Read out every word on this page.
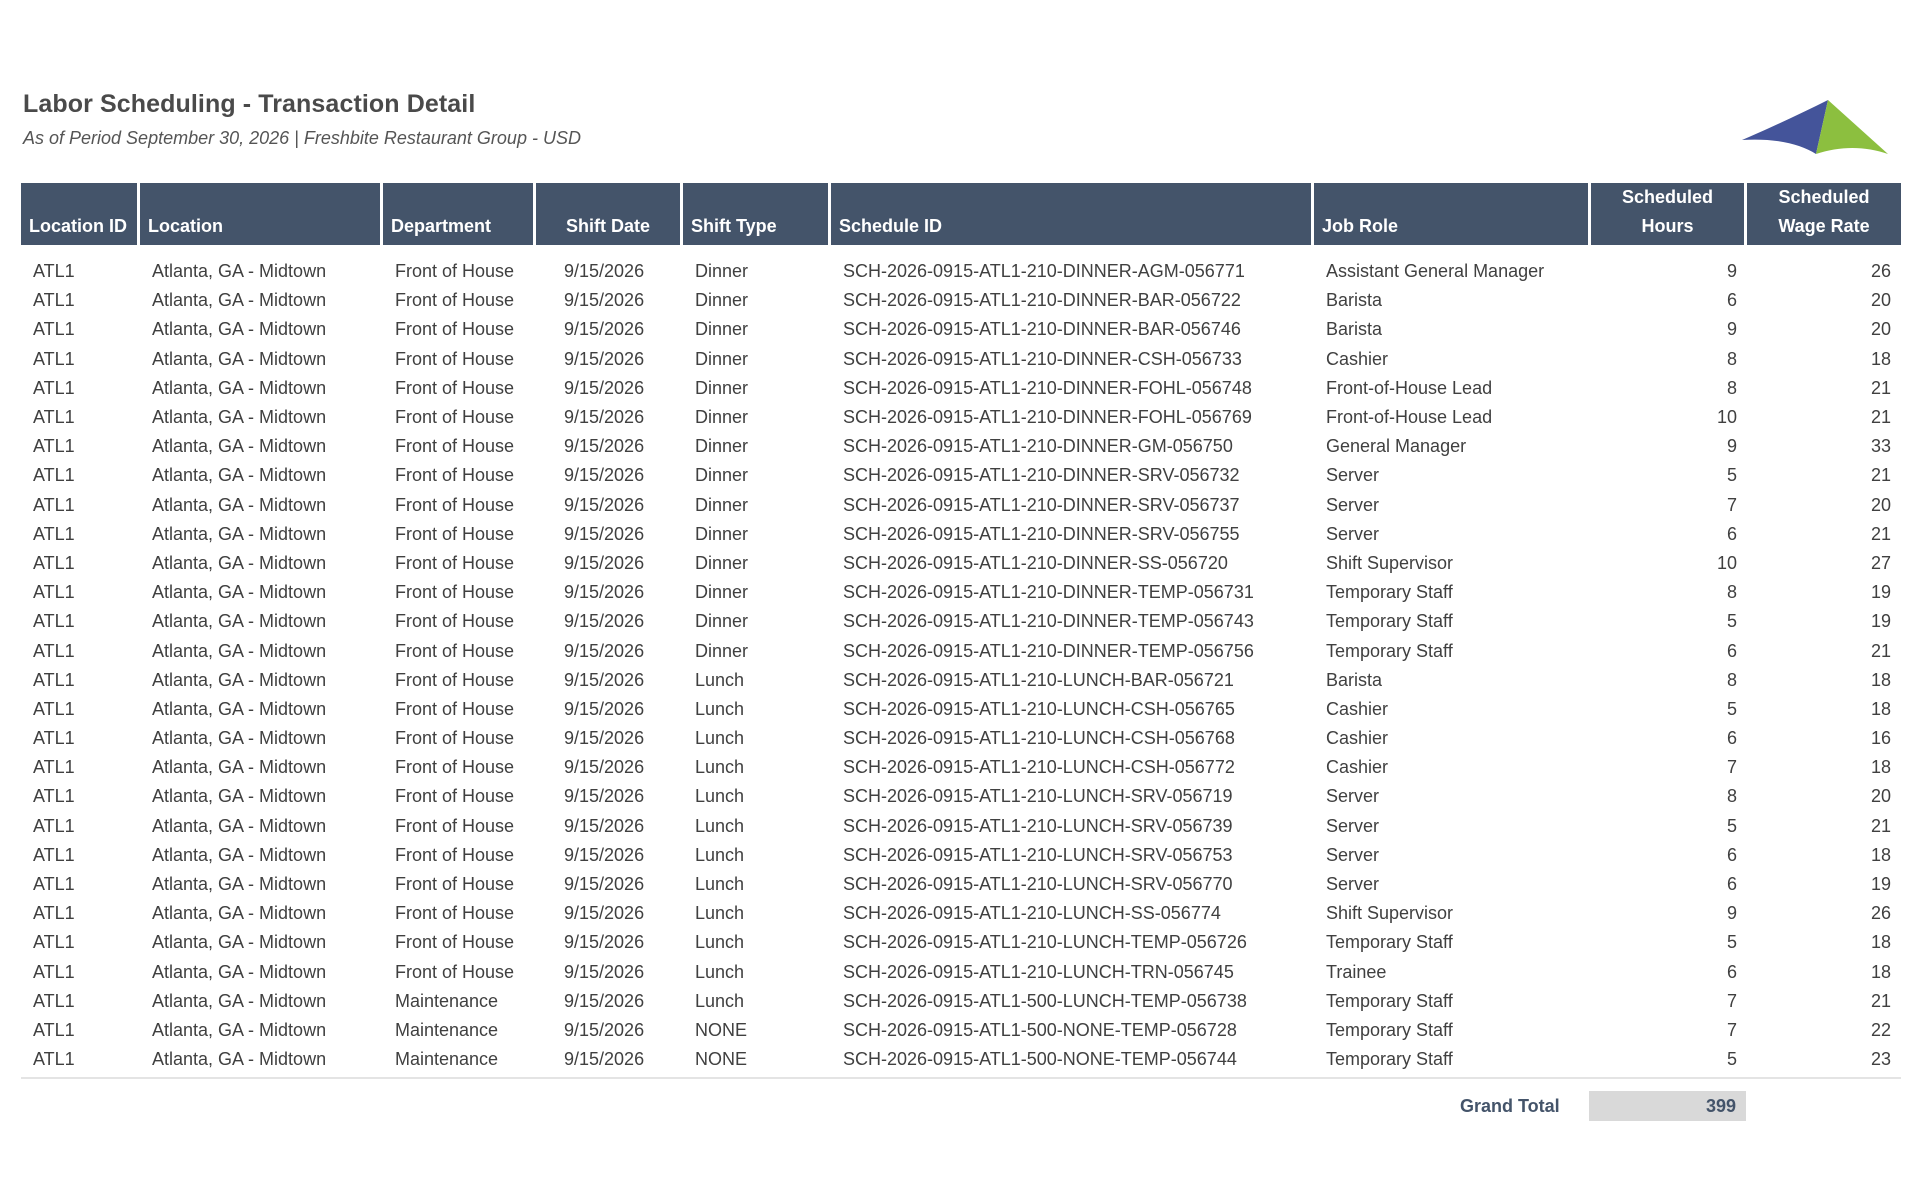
Labor Scheduling - Transaction Detail
As of Period September 30, 2026 | Freshbite Restaurant Group - USD
Location ID	Location	Department	Shift Date	Shift Type	Schedule ID	Job Role	Scheduled Hours	Scheduled Wage Rate

ATL1	Atlanta, GA - Midtown	Front of House	9/15/2026	Dinner	SCH-2026-0915-ATL1-210-DINNER-AGM-056771	Assistant General Manager	9	26
ATL1	Atlanta, GA - Midtown	Front of House	9/15/2026	Dinner	SCH-2026-0915-ATL1-210-DINNER-BAR-056722	Barista	6	20
ATL1	Atlanta, GA - Midtown	Front of House	9/15/2026	Dinner	SCH-2026-0915-ATL1-210-DINNER-BAR-056746	Barista	9	20
ATL1	Atlanta, GA - Midtown	Front of House	9/15/2026	Dinner	SCH-2026-0915-ATL1-210-DINNER-CSH-056733	Cashier	8	18
ATL1	Atlanta, GA - Midtown	Front of House	9/15/2026	Dinner	SCH-2026-0915-ATL1-210-DINNER-FOHL-056748	Front-of-House Lead	8	21
ATL1	Atlanta, GA - Midtown	Front of House	9/15/2026	Dinner	SCH-2026-0915-ATL1-210-DINNER-FOHL-056769	Front-of-House Lead	10	21
ATL1	Atlanta, GA - Midtown	Front of House	9/15/2026	Dinner	SCH-2026-0915-ATL1-210-DINNER-GM-056750	General Manager	9	33
ATL1	Atlanta, GA - Midtown	Front of House	9/15/2026	Dinner	SCH-2026-0915-ATL1-210-DINNER-SRV-056732	Server	5	21
ATL1	Atlanta, GA - Midtown	Front of House	9/15/2026	Dinner	SCH-2026-0915-ATL1-210-DINNER-SRV-056737	Server	7	20
ATL1	Atlanta, GA - Midtown	Front of House	9/15/2026	Dinner	SCH-2026-0915-ATL1-210-DINNER-SRV-056755	Server	6	21
ATL1	Atlanta, GA - Midtown	Front of House	9/15/2026	Dinner	SCH-2026-0915-ATL1-210-DINNER-SS-056720	Shift Supervisor	10	27
ATL1	Atlanta, GA - Midtown	Front of House	9/15/2026	Dinner	SCH-2026-0915-ATL1-210-DINNER-TEMP-056731	Temporary Staff	8	19
ATL1	Atlanta, GA - Midtown	Front of House	9/15/2026	Dinner	SCH-2026-0915-ATL1-210-DINNER-TEMP-056743	Temporary Staff	5	19
ATL1	Atlanta, GA - Midtown	Front of House	9/15/2026	Dinner	SCH-2026-0915-ATL1-210-DINNER-TEMP-056756	Temporary Staff	6	21
ATL1	Atlanta, GA - Midtown	Front of House	9/15/2026	Lunch	SCH-2026-0915-ATL1-210-LUNCH-BAR-056721	Barista	8	18
ATL1	Atlanta, GA - Midtown	Front of House	9/15/2026	Lunch	SCH-2026-0915-ATL1-210-LUNCH-CSH-056765	Cashier	5	18
ATL1	Atlanta, GA - Midtown	Front of House	9/15/2026	Lunch	SCH-2026-0915-ATL1-210-LUNCH-CSH-056768	Cashier	6	16
ATL1	Atlanta, GA - Midtown	Front of House	9/15/2026	Lunch	SCH-2026-0915-ATL1-210-LUNCH-CSH-056772	Cashier	7	18
ATL1	Atlanta, GA - Midtown	Front of House	9/15/2026	Lunch	SCH-2026-0915-ATL1-210-LUNCH-SRV-056719	Server	8	20
ATL1	Atlanta, GA - Midtown	Front of House	9/15/2026	Lunch	SCH-2026-0915-ATL1-210-LUNCH-SRV-056739	Server	5	21
ATL1	Atlanta, GA - Midtown	Front of House	9/15/2026	Lunch	SCH-2026-0915-ATL1-210-LUNCH-SRV-056753	Server	6	18
ATL1	Atlanta, GA - Midtown	Front of House	9/15/2026	Lunch	SCH-2026-0915-ATL1-210-LUNCH-SRV-056770	Server	6	19
ATL1	Atlanta, GA - Midtown	Front of House	9/15/2026	Lunch	SCH-2026-0915-ATL1-210-LUNCH-SS-056774	Shift Supervisor	9	26
ATL1	Atlanta, GA - Midtown	Front of House	9/15/2026	Lunch	SCH-2026-0915-ATL1-210-LUNCH-TEMP-056726	Temporary Staff	5	18
ATL1	Atlanta, GA - Midtown	Front of House	9/15/2026	Lunch	SCH-2026-0915-ATL1-210-LUNCH-TRN-056745	Trainee	6	18
ATL1	Atlanta, GA - Midtown	Maintenance	9/15/2026	Lunch	SCH-2026-0915-ATL1-500-LUNCH-TEMP-056738	Temporary Staff	7	21
ATL1	Atlanta, GA - Midtown	Maintenance	9/15/2026	NONE	SCH-2026-0915-ATL1-500-NONE-TEMP-056728	Temporary Staff	7	22
ATL1	Atlanta, GA - Midtown	Maintenance	9/15/2026	NONE	SCH-2026-0915-ATL1-500-NONE-TEMP-056744	Temporary Staff	5	23
Grand Total	399
